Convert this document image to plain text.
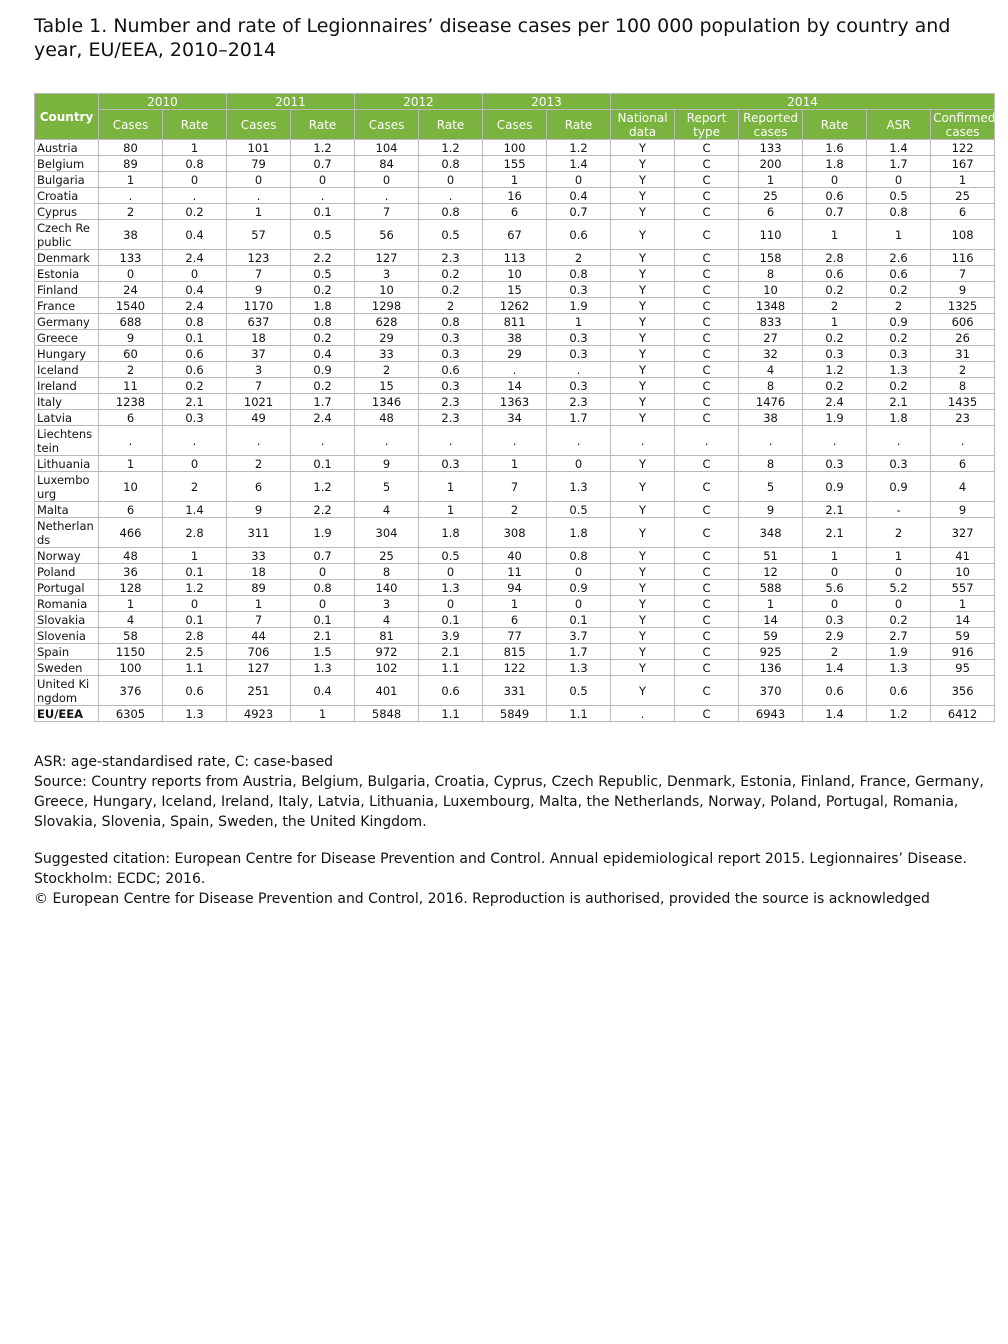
Table 1. Number and rate of Legionnaires’ disease cases per 100 000 population by country and year, EU/EEA, 2010–2014
Country	2010		2011		2012		2013		2014					
	Cases	Rate	Cases	Rate	Cases	Rate	Cases	Rate	National data	Report type	Reported cases	Rate	ASR	Confirmed cases
Austria	80	1	101	1.2	104	1.2	100	1.2	Y	C	133	1.6	1.4	122
Belgium	89	0.8	79	0.7	84	0.8	155	1.4	Y	C	200	1.8	1.7	167
Bulgaria	1	0	0	0	0	0	1	0	Y	C	1	0	0	1
Croatia	.	.	.	.	.	.	16	0.4	Y	C	25	0.6	0.5	25
Cyprus	2	0.2	1	0.1	7	0.8	6	0.7	Y	C	6	0.7	0.8	6
Czech Republic	38	0.4	57	0.5	56	0.5	67	0.6	Y	C	110	1	1	108
Denmark	133	2.4	123	2.2	127	2.3	113	2	Y	C	158	2.8	2.6	116
Estonia	0	0	7	0.5	3	0.2	10	0.8	Y	C	8	0.6	0.6	7
Finland	24	0.4	9	0.2	10	0.2	15	0.3	Y	C	10	0.2	0.2	9
France	1540	2.4	1170	1.8	1298	2	1262	1.9	Y	C	1348	2	2	1325
Germany	688	0.8	637	0.8	628	0.8	811	1	Y	C	833	1	0.9	606
Greece	9	0.1	18	0.2	29	0.3	38	0.3	Y	C	27	0.2	0.2	26
Hungary	60	0.6	37	0.4	33	0.3	29	0.3	Y	C	32	0.3	0.3	31
Iceland	2	0.6	3	0.9	2	0.6	.	.	Y	C	4	1.2	1.3	2
Ireland	11	0.2	7	0.2	15	0.3	14	0.3	Y	C	8	0.2	0.2	8
Italy	1238	2.1	1021	1.7	1346	2.3	1363	2.3	Y	C	1476	2.4	2.1	1435
Latvia	6	0.3	49	2.4	48	2.3	34	1.7	Y	C	38	1.9	1.8	23
Liechtenstein	.	.	.	.	.	.	.	.	.	.	.	.	.	.
Lithuania	1	0	2	0.1	9	0.3	1	0	Y	C	8	0.3	0.3	6
Luxembourg	10	2	6	1.2	5	1	7	1.3	Y	C	5	0.9	0.9	4
Malta	6	1.4	9	2.2	4	1	2	0.5	Y	C	9	2.1	-	9
Netherlands	466	2.8	311	1.9	304	1.8	308	1.8	Y	C	348	2.1	2	327
Norway	48	1	33	0.7	25	0.5	40	0.8	Y	C	51	1	1	41
Poland	36	0.1	18	0	8	0	11	0	Y	C	12	0	0	10
Portugal	128	1.2	89	0.8	140	1.3	94	0.9	Y	C	588	5.6	5.2	557
Romania	1	0	1	0	3	0	1	0	Y	C	1	0	0	1
Slovakia	4	0.1	7	0.1	4	0.1	6	0.1	Y	C	14	0.3	0.2	14
Slovenia	58	2.8	44	2.1	81	3.9	77	3.7	Y	C	59	2.9	2.7	59
Spain	1150	2.5	706	1.5	972	2.1	815	1.7	Y	C	925	2	1.9	916
Sweden	100	1.1	127	1.3	102	1.1	122	1.3	Y	C	136	1.4	1.3	95
United Kingdom	376	0.6	251	0.4	401	0.6	331	0.5	Y	C	370	0.6	0.6	356
EU/EEA	6305	1.3	4923	1	5848	1.1	5849	1.1	.	C	6943	1.4	1.2	6412

ASR: age-standardised rate, C: case-based

Source: Country reports from Austria, Belgium, Bulgaria, Croatia, Cyprus, Czech Republic, Denmark, Estonia, Finland, France, Germany, Greece, Hungary, Iceland, Ireland, Italy, Latvia, Lithuania, Luxembourg, Malta, the Netherlands, Norway, Poland, Portugal, Romania, Slovakia, Slovenia, Spain, Sweden, the United Kingdom.

Suggested citation: European Centre for Disease Prevention and Control. Annual epidemiological report 2015. Legionnaires’ Disease. Stockholm: ECDC; 2016.

© European Centre for Disease Prevention and Control, 2016. Reproduction is authorised, provided the source is acknowledged
